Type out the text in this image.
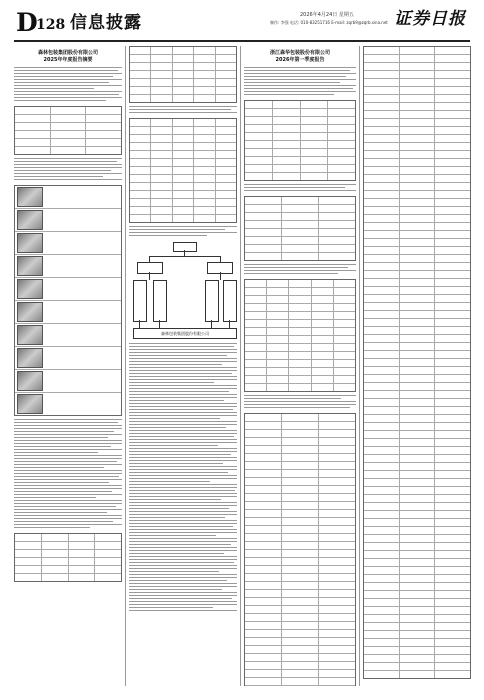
D
128 信息披露	2026年4月24日 星期五
制作: 李强 电话: 010-83251716 E-mail: zqrb9@zqrb.sina.net 证券日报
森林包装集团股份有限公司
2025年年度报告摘要
森林包装集团股份有限公司
浙江森华包装股份有限公司
2026年第一季度报告
